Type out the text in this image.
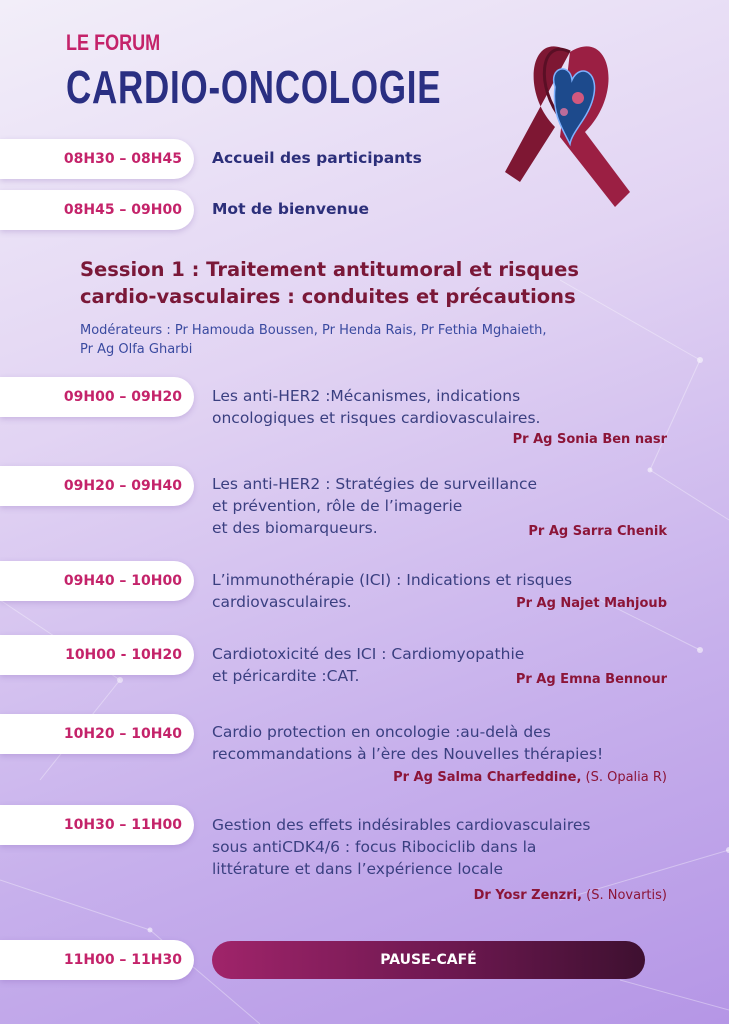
LE FORUM
CARDIO-ONCOLOGIE
08H30 – 08H45	Accueil des participants
08H45 – 09H00	Mot de bienvenue
Session 1 : Traitement antitumoral et risques
cardio-vasculaires : conduites et précautions
Modérateurs : Pr Hamouda Boussen, Pr Henda Rais, Pr Fethia Mghaieth,
Pr Ag Olfa Gharbi
09H00 – 09H20	Les anti-HER2 :Mécanismes, indications
oncologiques et risques cardiovasculaires.
Pr Ag Sonia Ben nasr
09H20 – 09H40	Les anti-HER2 : Stratégies de surveillance
et prévention, rôle de l’imagerie
et des biomarqueurs.	Pr Ag Sarra Chenik
09H40 – 10H00	L’immunothérapie (ICI) : Indications et risques
cardiovasculaires.	Pr Ag Najet Mahjoub
10H00 - 10H20	Cardiotoxicité des ICI : Cardiomyopathie
et péricardite :CAT.	Pr Ag Emna Bennour
10H20 – 10H40	Cardio protection en oncologie :au-delà des
recommandations à l’ère des Nouvelles thérapies!
Pr Ag Salma Charfeddine, (S. Opalia R)
10H30 – 11H00	Gestion des effets indésirables cardiovasculaires
sous antiCDK4/6 : focus Ribociclib dans la
littérature et dans l’expérience locale
Dr Yosr Zenzri, (S. Novartis)
11H00 – 11H30	PAUSE-CAFÉ
